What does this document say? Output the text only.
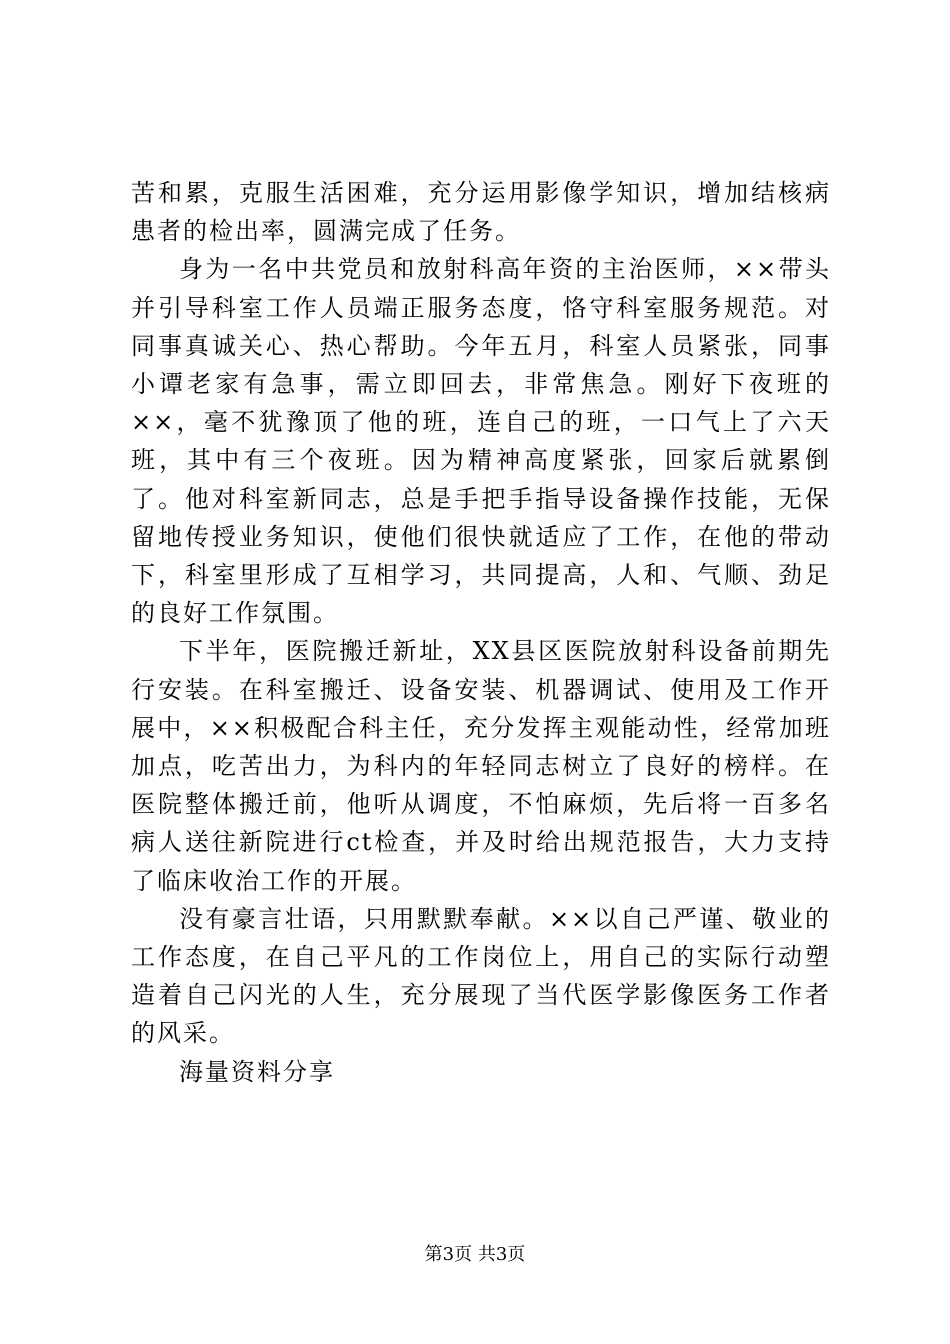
苦和累，克服生活困难，充分运用影像学知识，增加结核病患者的检出率，圆满完成了任务。

身为一名中共党员和放射科高年资的主治医师，××带头并引导科室工作人员端正服务态度，恪守科室服务规范。对同事真诚关心、热心帮助。今年五月，科室人员紧张，同事小谭老家有急事，需立即回去，非常焦急。刚好下夜班的××，毫不犹豫顶了他的班，连自己的班，一口气上了六天班，其中有三个夜班。因为精神高度紧张，回家后就累倒了。他对科室新同志，总是手把手指导设备操作技能，无保留地传授业务知识，使他们很快就适应了工作，在他的带动下，科室里形成了互相学习，共同提高，人和、气顺、劲足的良好工作氛围。

下半年，医院搬迁新址，XX县区医院放射科设备前期先行安装。在科室搬迁、设备安装、机器调试、使用及工作开展中，××积极配合科主任，充分发挥主观能动性，经常加班加点，吃苦出力，为科内的年轻同志树立了良好的榜样。在医院整体搬迁前，他听从调度，不怕麻烦，先后将一百多名病人送往新院进行ct检查，并及时给出规范报告，大力支持了临床收治工作的开展。

没有豪言壮语，只用默默奉献。××以自己严谨、敬业的工作态度，在自己平凡的工作岗位上，用自己的实际行动塑造着自己闪光的人生，充分展现了当代医学影像医务工作者的风采。

海量资料分享

第3页 共3页
